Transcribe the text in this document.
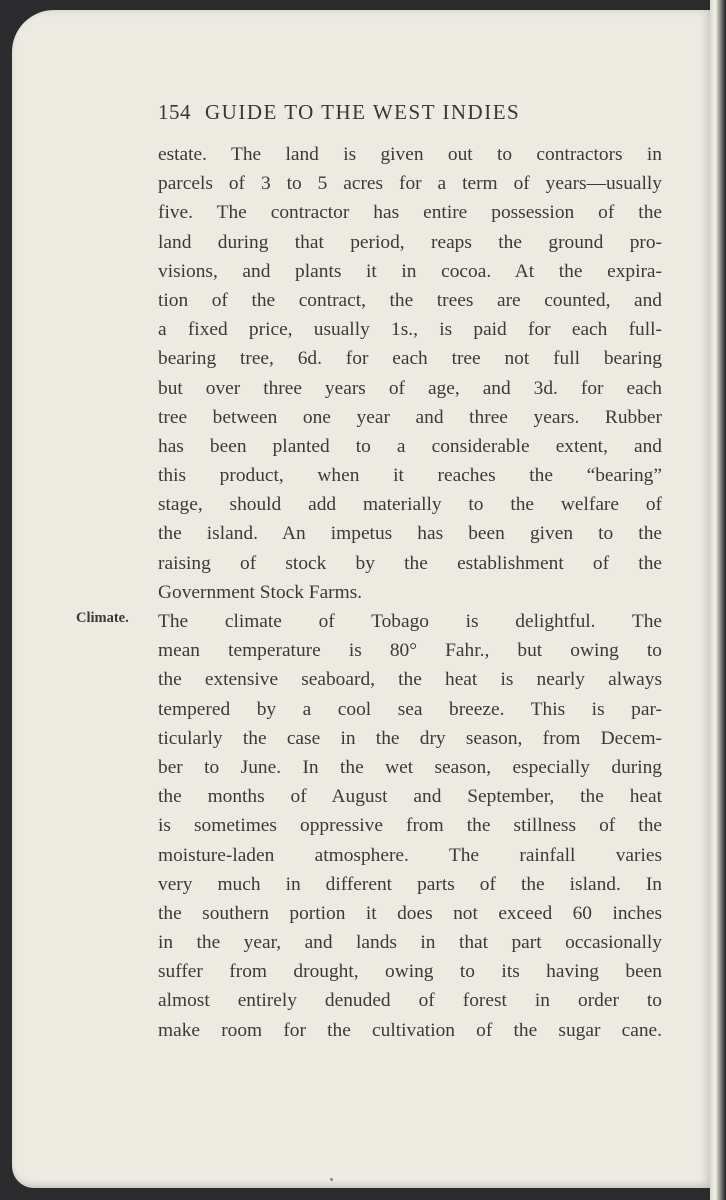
154 GUIDE TO THE WEST INDIES
Climate.
estate. The land is given out to contractors in
parcels of 3 to 5 acres for a term of years—usually
five. The contractor has entire possession of the
land during that period, reaps the ground pro-
visions, and plants it in cocoa. At the expira-
tion of the contract, the trees are counted, and
a fixed price, usually 1s., is paid for each full-
bearing tree, 6d. for each tree not full bearing
but over three years of age, and 3d. for each
tree between one year and three years. Rubber
has been planted to a considerable extent, and
this product, when it reaches the “bearing”
stage, should add materially to the welfare of
the island. An impetus has been given to the
raising of stock by the establishment of the
Government Stock Farms.
The climate of Tobago is delightful. The
mean temperature is 80° Fahr., but owing to
the extensive seaboard, the heat is nearly always
tempered by a cool sea breeze. This is par-
ticularly the case in the dry season, from Decem-
ber to June. In the wet season, especially during
the months of August and September, the heat
is sometimes oppressive from the stillness of the
moisture-laden atmosphere. The rainfall varies
very much in different parts of the island. In
the southern portion it does not exceed 60 inches
in the year, and lands in that part occasionally
suffer from drought, owing to its having been
almost entirely denuded of forest in order to
make room for the cultivation of the sugar cane.
